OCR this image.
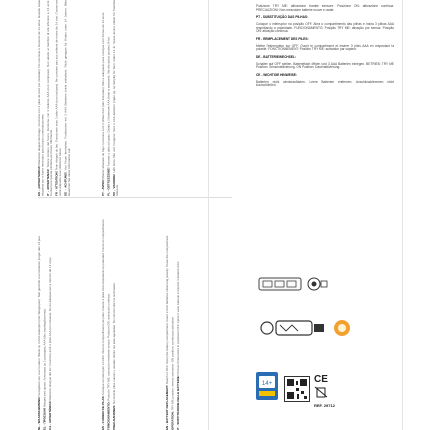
ES - ¡ADVERTENCIA! Mantener alejado del fuego. Funciona con 3 pilas de AAA (no incluidas). No conviene a menores de 14 años. Guarde estas etiquetas por si fuera necesario para futuras comprobaciones. IT - AVVERTENZA! Tenere lontano dal fuoco. Funziona con 3 batterie AAA (non comprese). Non adatto ai bambini di età inferiore a 14 anni. Conservare questa etichetta per futuro riferimento. FR - ATTENTION! Tenir éloigné du feu. Fonctionne avec 3 piles AAA (non incluses). Ne convient pas aux enfants de moins de 14 ans. Conservez cette étiquette pour référence future. DE - ACHTUNG! Von Feuer fernhalten. Funktioniert mit 3 AAA Batterien (nicht enthalten). Nicht geeignet für Kinder unter 14 Jahren. Bitte bewahren Sie diese Information auf.	PT - AVISO! Manter afastado do fogo. Funciona com 3 pilhas AAA (não incluídas). Não é adequado para crianças com menos de 14 anos.
PL - OSTRZEŻENIE! Trzymać z dala od ognia. Działa z 3 bateriami AAA (brak w zestawie). Nie dla dzieci poniżej 14 lat.
SV - VARNING! Håll borta från eld. Fungerar med 3 AAA-batterier (ingår ej). Ej lämplig för barn under 14 år. Spara denna etikett för framtida referens.
NL - WAARSCHUWING! Verwijderd van vuur houden. Werkt op 3 AAA-batterijen (niet inbegrepen). Niet geschikt voor kinderen jonger dan 14 jaar.
EL - ΠΡΟΣΟΧΗ! Μακριά από φωτιά. Λειτουργεί με 3 μπαταρίες AAA (δεν περιλαμβάνονται).
CA - ADVERTÈNCIA! Mantenir allunyat del foc. Funciona amb 3 piles AAA (no incloses). No és adequat per a menors de 14 anys.
ES - CAMBIO DE PILAS: Coloque el interruptor en OFF. Abra el compartimento de pilas. Inserte 3 pilas AAA respetando la polaridad. Cierre el compartimento.
FUNCIONAMIENTO: Posición TRY ME: activación mediante sensor. Posición ON: activación continua.
PRECAUCIONES: No mezcle pilas nuevas y usadas. Retire las pilas agotadas. No cortocircuite los terminales.
EN - BATTERY REPLACEMENT: Switch to OFF. Open the battery compartment. Insert 3 AAA batteries observing polarity. Close the compartment.
OPERATION: TRY ME position: sensor activation. ON position: continuous activation. IT - SOSTITUZIONE DELLE BATTERIE: Portare l'interruttore in posizione OFF. Aprire il vano batterie e inserire 3 batterie AAA.

Posizione TRY ME: attivazione tramite sensore. Posizione ON: attivazione continua. PRECAUZIONI: Non mescolare batterie nuove e usate.

PT - SUBSTITUIÇÃO DAS PILHAS:

Coloque o interruptor na posição OFF. Abra o compartimento das pilhas e insira 3 pilhas AAA respeitando a polaridade. FUNCIONAMENTO: Posição TRY ME: ativação por sensor. Posição ON: ativação contínua.

FR - REMPLACEMENT DES PILES:

Mettre l'interrupteur sur OFF. Ouvrir le compartiment et insérer 3 piles AAA en respectant la polarité. FONCTIONNEMENT: Position TRY ME: activation par capteur.

DE - BATTERIEWECHSEL:

Schalter auf OFF stellen. Batteriefach öffnen und 3 AAA Batterien einlegen. BETRIEB: TRY ME Position: Sensoraktivierung. ON Position: Daueraktivierung.

CE - WICHTIGE HINWEISE:

Batterien nicht wiederaufladen. Leere Batterien entfernen. Anschlussklemmen nicht kurzschließen.

14+	CE
REF. 29712
